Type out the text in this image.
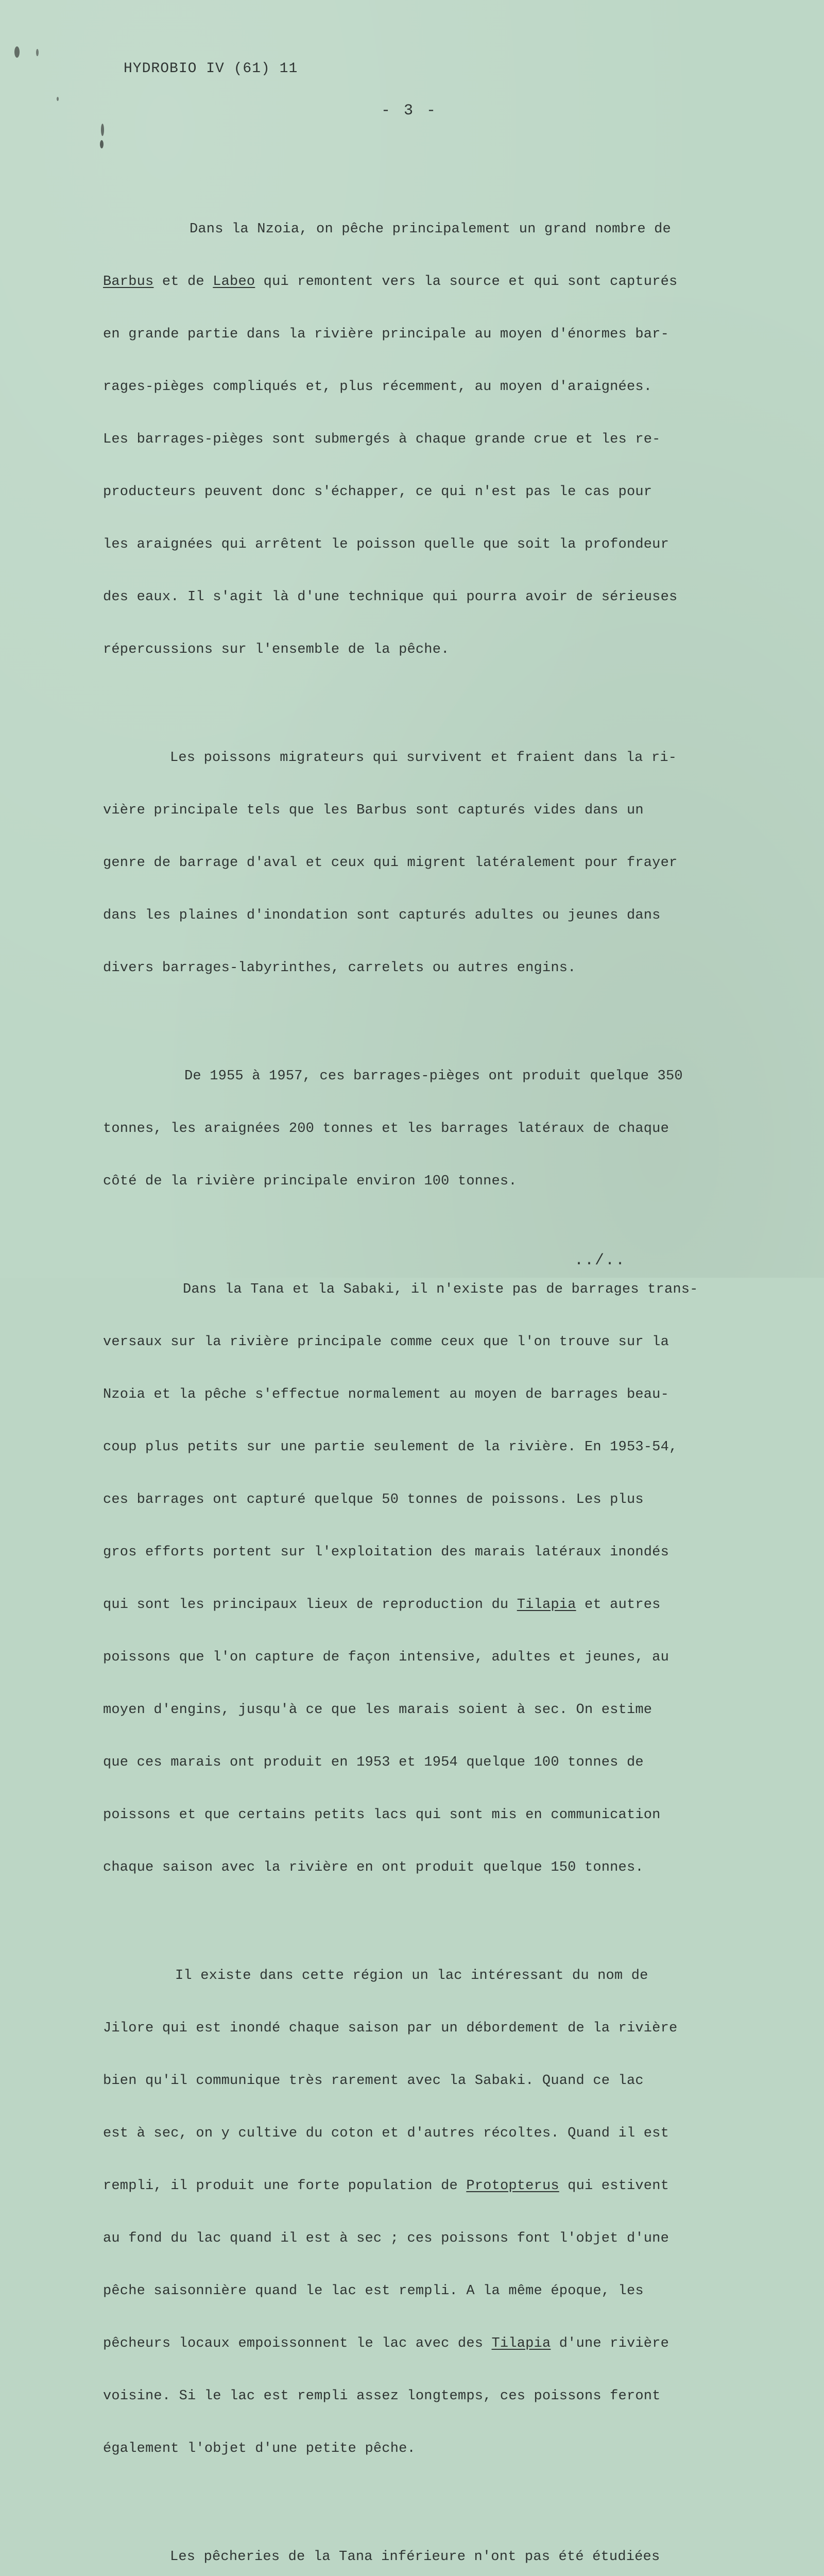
HYDROBIO IV (61) 11
- 3 -

Dans la Nzoia, on pêche principalement un grand nombre de

Barbus et de Labeo qui remontent vers la source et qui sont capturés

en grande partie dans la rivière principale au moyen d'énormes bar-

rages-pièges compliqués et, plus récemment, au moyen d'araignées.

Les barrages-pièges sont submergés à chaque grande crue et les re-

producteurs peuvent donc s'échapper, ce qui n'est pas le cas pour

les araignées qui arrêtent le poisson quelle que soit la profondeur

des eaux. Il s'agit là d'une technique qui pourra avoir de sérieuses

répercussions sur l'ensemble de la pêche.

Les poissons migrateurs qui survivent et fraient dans la ri-

vière principale tels que les Barbus sont capturés vides dans un

genre de barrage d'aval et ceux qui migrent latéralement pour frayer

dans les plaines d'inondation sont capturés adultes ou jeunes dans

divers barrages-labyrinthes, carrelets ou autres engins.

De 1955 à 1957, ces barrages-pièges ont produit quelque 350

tonnes, les araignées 200 tonnes et les barrages latéraux de chaque

côté de la rivière principale environ 100 tonnes.

Dans la Tana et la Sabaki, il n'existe pas de barrages trans-

versaux sur la rivière principale comme ceux que l'on trouve sur la

Nzoia et la pêche s'effectue normalement au moyen de barrages beau-

coup plus petits sur une partie seulement de la rivière. En 1953-54,

ces barrages ont capturé quelque 50 tonnes de poissons. Les plus

gros efforts portent sur l'exploitation des marais latéraux inondés

qui sont les principaux lieux de reproduction du Tilapia et autres

poissons que l'on capture de façon intensive, adultes et jeunes, au

moyen d'engins, jusqu'à ce que les marais soient à sec. On estime

que ces marais ont produit en 1953 et 1954 quelque 100 tonnes de

poissons et que certains petits lacs qui sont mis en communication

chaque saison avec la rivière en ont produit quelque 150 tonnes.

Il existe dans cette région un lac intéressant du nom de

Jilore qui est inondé chaque saison par un débordement de la rivière

bien qu'il communique très rarement avec la Sabaki. Quand ce lac

est à sec, on y cultive du coton et d'autres récoltes. Quand il est

rempli, il produit une forte population de Protopterus qui estivent

au fond du lac quand il est à sec ; ces poissons font l'objet d'une

pêche saisonnière quand le lac est rempli. A la même époque, les

pêcheurs locaux empoissonnent le lac avec des Tilapia d'une rivière

voisine. Si le lac est rempli assez longtemps, ces poissons feront

également l'objet d'une petite pêche.

Les pêcheries de la Tana inférieure n'ont pas été étudiées

../..
